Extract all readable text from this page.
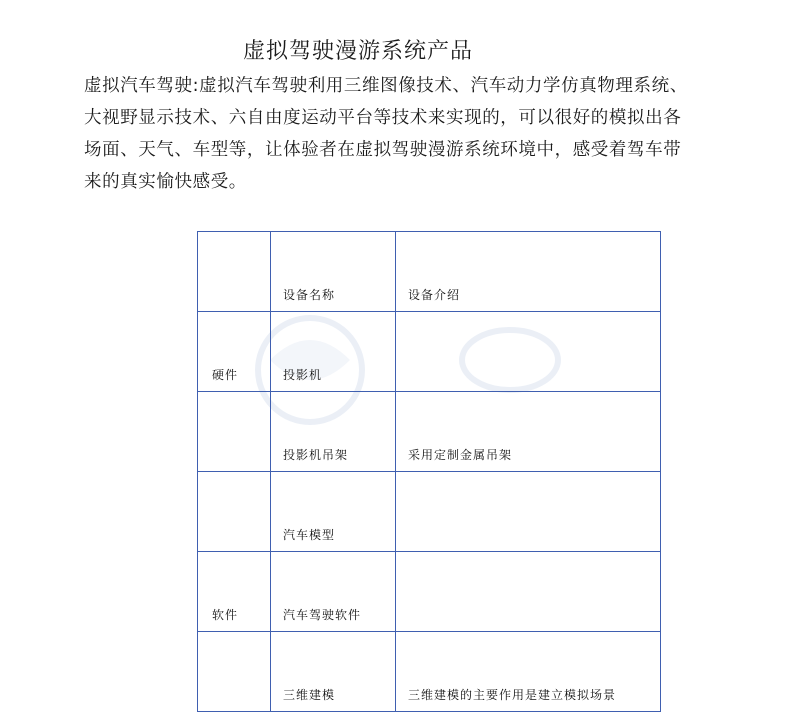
虚拟驾驶漫游系统产品
虚拟汽车驾驶:虚拟汽车驾驶利用三维图像技术、汽车动力学仿真物理系统、
大视野显示技术、六自由度运动平台等技术来实现的，可以很好的模拟出各
场面、天气、车型等，让体验者在虚拟驾驶漫游系统环境中，感受着驾车带
来的真实愉快感受。
	设备名称	设备介绍
硬件	投影机	
	投影机吊架	采用定制金属吊架
	汽车模型	
软件	汽车驾驶软件	
	三维建模	三维建模的主要作用是建立模拟场景
